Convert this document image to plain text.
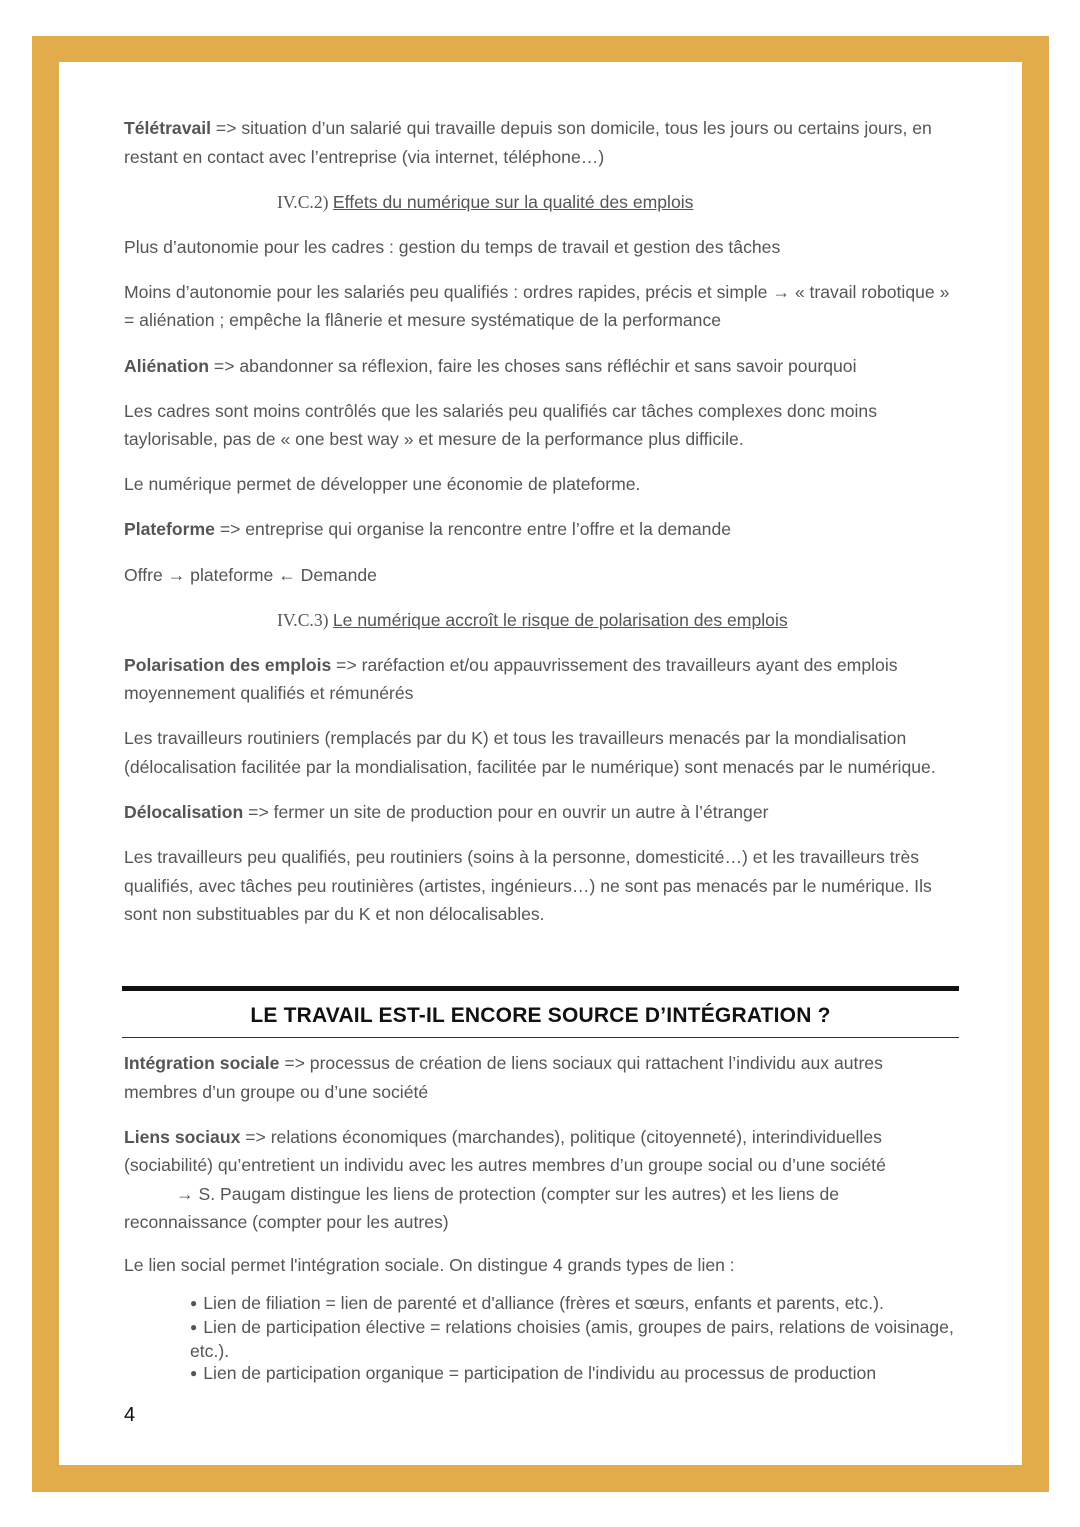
Télétravail => situation d’un salarié qui travaille depuis son domicile, tous les jours ou certains jours, en restant en contact avec l’entreprise (via internet, téléphone…)

IV.C.2) Effets du numérique sur la qualité des emplois

Plus d’autonomie pour les cadres : gestion du temps de travail et gestion des tâches

Moins d’autonomie pour les salariés peu qualifiés : ordres rapides, précis et simple → « travail robotique » = aliénation ; empêche la flânerie et mesure systématique de la performance

Aliénation => abandonner sa réflexion, faire les choses sans réfléchir et sans savoir pourquoi

Les cadres sont moins contrôlés que les salariés peu qualifiés car tâches complexes donc moins taylorisable, pas de « one best way » et mesure de la performance plus difficile.

Le numérique permet de développer une économie de plateforme.

Plateforme => entreprise qui organise la rencontre entre l’offre et la demande

Offre → plateforme ← Demande

IV.C.3) Le numérique accroît le risque de polarisation des emplois

Polarisation des emplois => raréfaction et/ou appauvrissement des travailleurs ayant des emplois moyennement qualifiés et rémunérés

Les travailleurs routiniers (remplacés par du K) et tous les travailleurs menacés par la mondialisation (délocalisation facilitée par la mondialisation, facilitée par le numérique) sont menacés par le numérique.

Délocalisation => fermer un site de production pour en ouvrir un autre à l’étranger

Les travailleurs peu qualifiés, peu routiniers (soins à la personne, domesticité…) et les travailleurs très qualifiés, avec tâches peu routinières (artistes, ingénieurs…) ne sont pas menacés par le numérique. Ils sont non substituables par du K et non délocalisables.

LE TRAVAIL EST-IL ENCORE SOURCE D’INTÉGRATION ?

Intégration sociale => processus de création de liens sociaux qui rattachent l’individu aux autres membres d’un groupe ou d’une société

Liens sociaux => relations économiques (marchandes), politique (citoyenneté), interindividuelles (sociabilité) qu’entretient un individu avec les autres membres d’un groupe social ou d’une société

→ S. Paugam distingue les liens de protection (compter sur les autres) et les liens de

reconnaissance (compter pour les autres)

Le lien social permet l'intégration sociale. On distingue 4 grands types de lien :

● Lien de filiation = lien de parenté et d'alliance (frères et sœurs, enfants et parents, etc.).
● Lien de participation élective = relations choisies (amis, groupes de pairs, relations de voisinage, etc.).
● Lien de participation organique = participation de l'individu au processus de production
4
